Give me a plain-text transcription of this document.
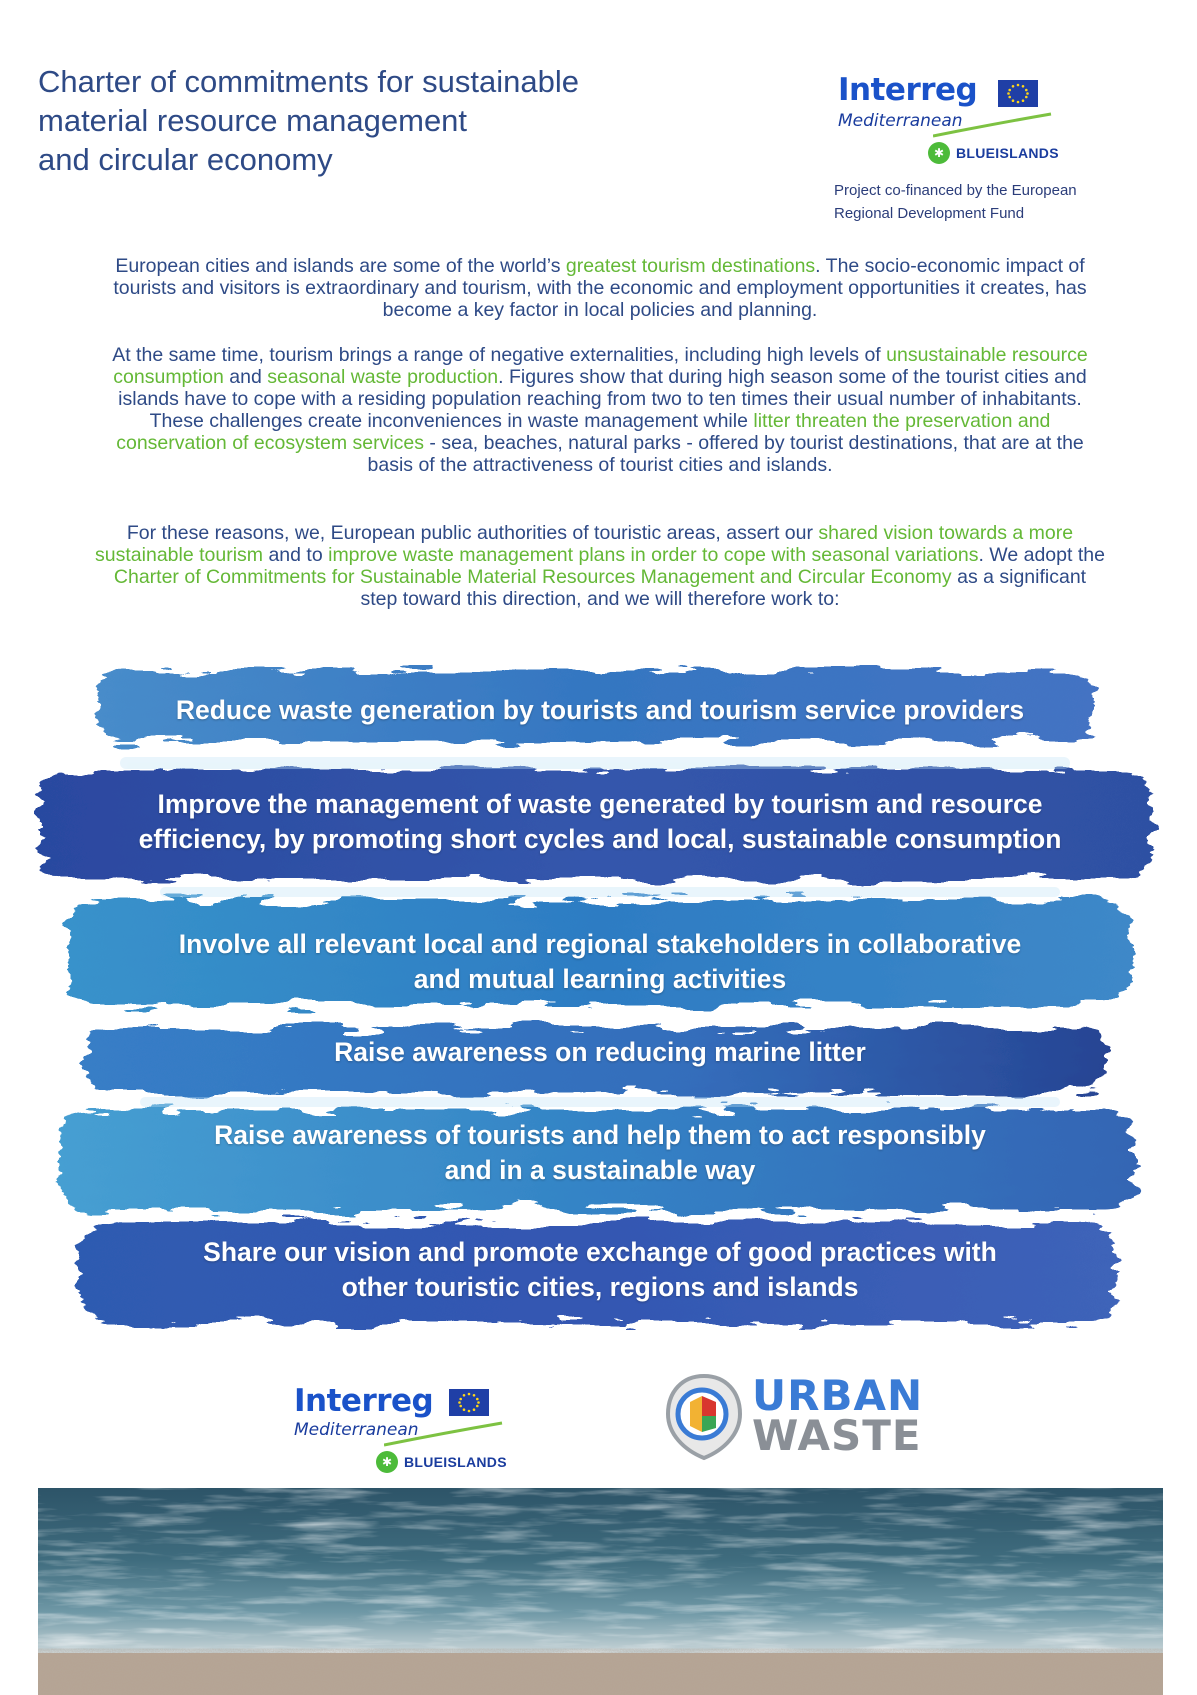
Charter of commitments for sustainable
material resource management
and circular economy
Interreg
Mediterranean
✱ BLUEISLANDS
Project co-financed by the European
Regional Development Fund

European cities and islands are some of the world’s greatest tourism destinations. The socio-economic impact of tourists and visitors is extraordinary and tourism, with the economic and employment opportunities it creates, has become a key factor in local policies and planning.

At the same time, tourism brings a range of negative externalities, including high levels of unsustainable resource consumption and seasonal waste production. Figures show that during high season some of the tourist cities and islands have to cope with a residing population reaching from two to ten times their usual number of inhabitants. These challenges create inconveniences in waste management while litter threaten the preservation and conservation of ecosystem services - sea, beaches, natural parks - offered by tourist destinations, that are at the basis of the attractiveness of tourist cities and islands.

For these reasons, we, European public authorities of touristic areas, assert our shared vision towards a more sustainable tourism and to improve waste management plans in order to cope with seasonal variations. We adopt the Charter of Commitments for Sustainable Material Resources Management and Circular Economy as a significant step toward this direction, and we will therefore work to:

Reduce waste generation by tourists and tourism service providers
Improve the management of waste generated by tourism and resource
efficiency, by promoting short cycles and local, sustainable consumption
Involve all relevant local and regional stakeholders in collaborative
and mutual learning activities
Raise awareness on reducing marine litter
Raise awareness of tourists and help them to act responsibly
and in a sustainable way
Share our vision and promote exchange of good practices with
other touristic cities, regions and islands
Interreg
Mediterranean
✱ BLUEISLANDS
URBAN
WASTE
